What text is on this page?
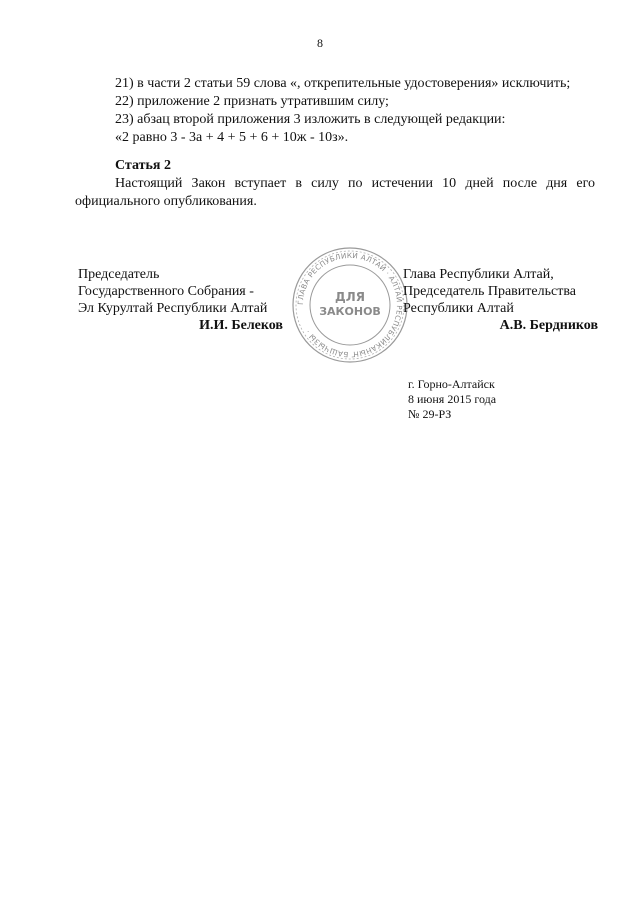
8

21) в части 2 статьи 59 слова «, открепительные удостоверения» исключить;

22) приложение 2 признать утратившим силу;

23) абзац второй приложения 3 изложить в следующей редакции:

«2 равно 3 - 3а + 4 + 5 + 6 + 10ж - 10з».

Статья 2

Настоящий Закон вступает в силу по истечении 10 дней после дня его официального опубликования.

Председатель
Государственного Собрания -
Эл Курултай Республики Алтай
И.И. Белеков
ГЛАВА РЕСПУБЛИКИ АЛТАЙ · АЛТАЙ РЕСПУБЛИКАНЫҤ БАШЧЫЗЫ ·
ДЛЯ
ЗАКОНОВ
Глава Республики Алтай,
Председатель Правительства
Республики Алтай
А.В. Бердников
г. Горно-Алтайск
8 июня 2015 года
№ 29-РЗ
